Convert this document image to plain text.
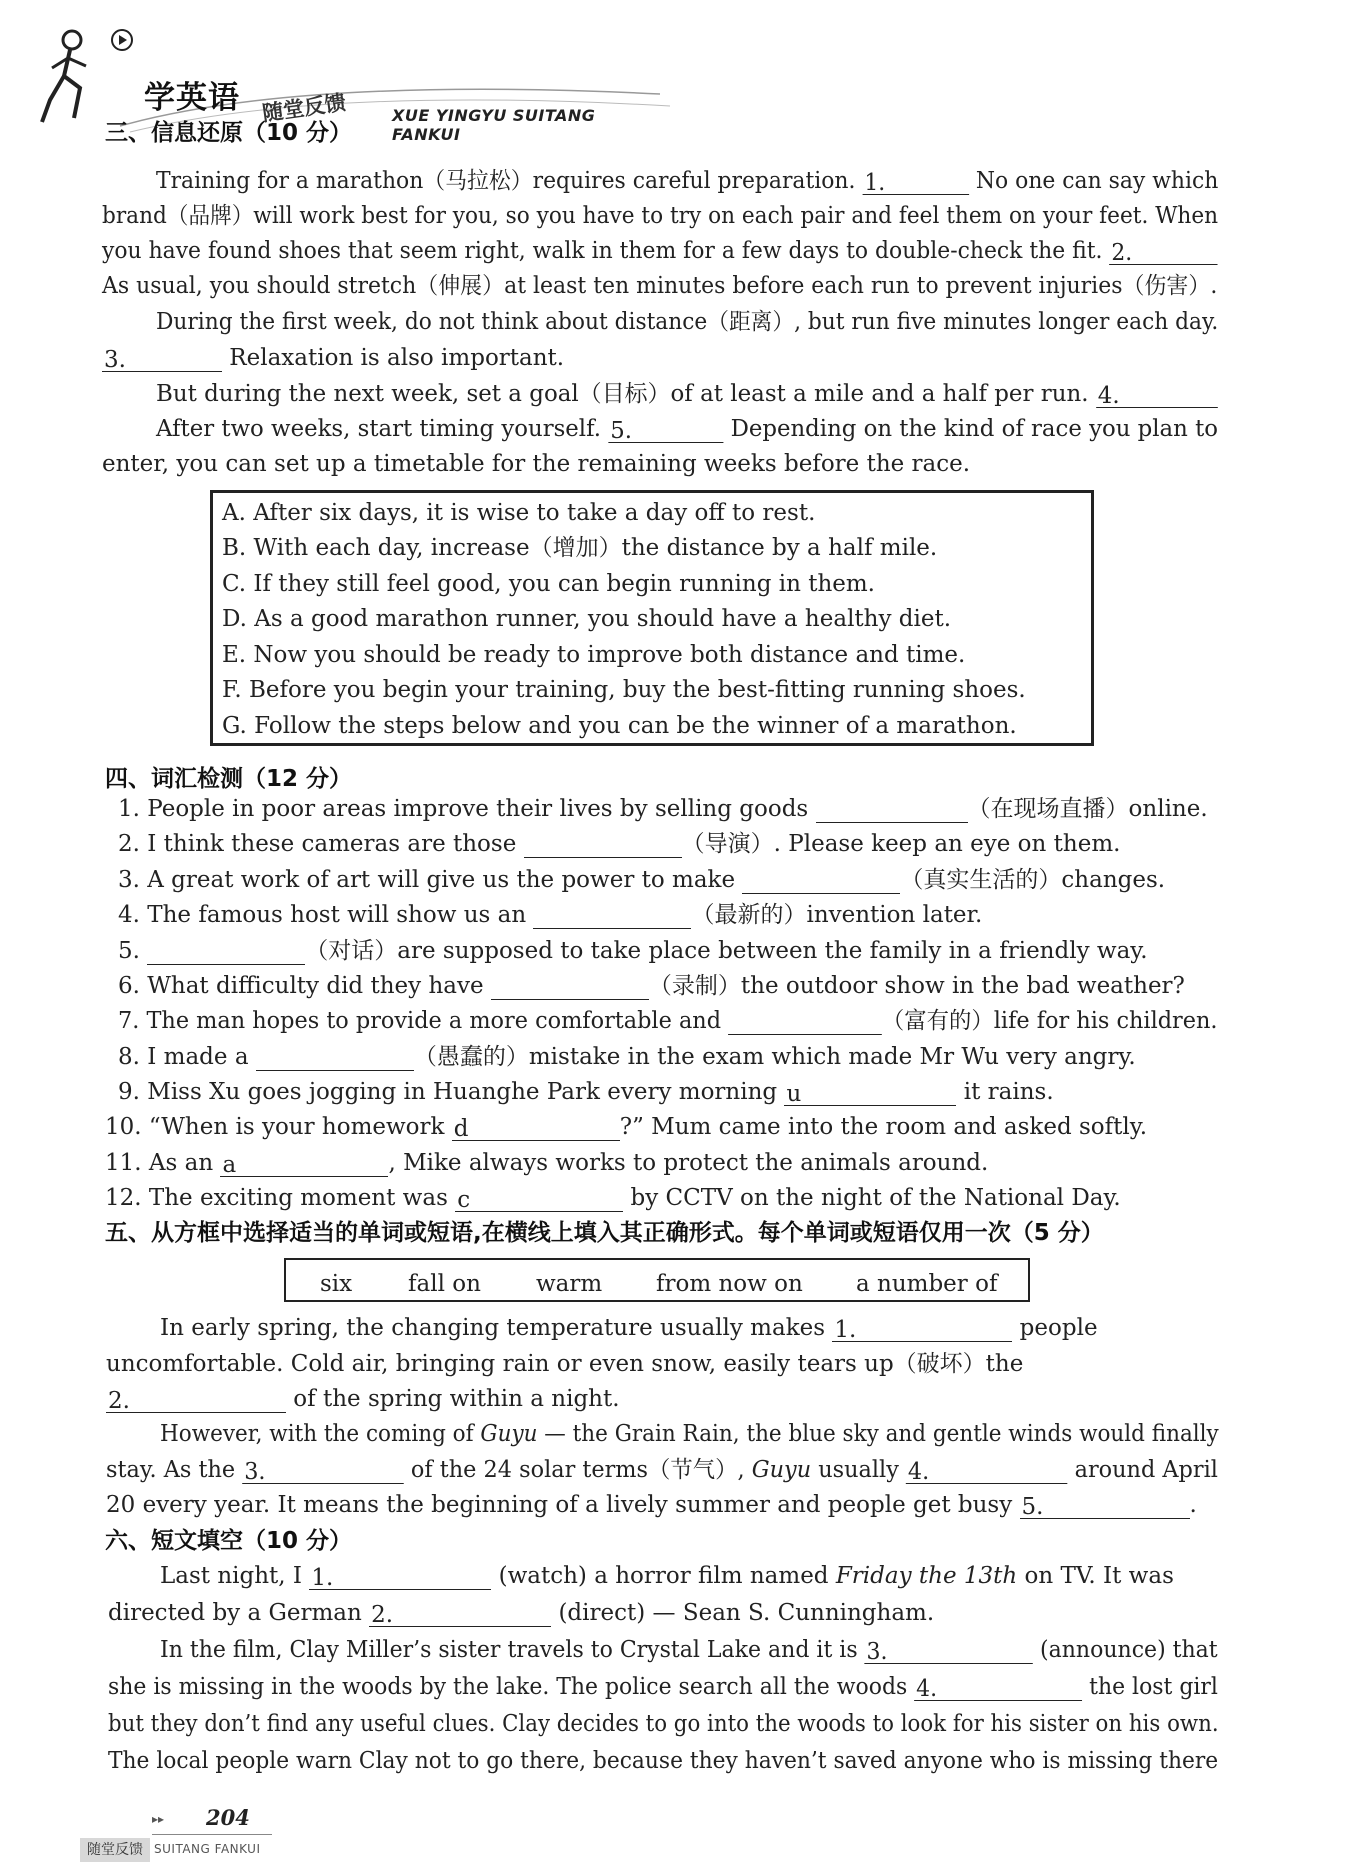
学英语 随堂反馈	XUE YINGYU SUITANG FANKUI
三、信息还原（10 分）
Training for a marathon（马拉松）requires careful preparation. 1.	No one can say which
brand（品牌）will work best for you, so you have to try on each pair and feel them on your feet. When
you have found shoes that seem right, walk in them for a few days to double-check the fit. 2.
As usual, you should stretch（伸展）at least ten minutes before each run to prevent injuries（伤害）.
During the first week, do not think about distance（距离）, but run five minutes longer each day.
3.	Relaxation is also important.
But during the next week, set a goal（目标）of at least a mile and a half per run. 4.
After two weeks, start timing yourself. 5.	Depending on the kind of race you plan to
enter, you can set up a timetable for the remaining weeks before the race.
A. After six days, it is wise to take a day off to rest.
B. With each day, increase（增加）the distance by a half mile.
C. If they still feel good, you can begin running in them.
D. As a good marathon runner, you should have a healthy diet.
E. Now you should be ready to improve both distance and time.
F. Before you begin your training, buy the best-fitting running shoes.
G. Follow the steps below and you can be the winner of a marathon.
四、词汇检测（12 分）
1. People in poor areas improve their lives by selling goods	（在现场直播）online.
2. I think these cameras are those	（导演）. Please keep an eye on them.
3. A great work of art will give us the power to make	（真实生活的）changes.
4. The famous host will show us an	（最新的）invention later.
5.	（对话）are supposed to take place between the family in a friendly way.
6. What difficulty did they have	（录制）the outdoor show in the bad weather?
7. The man hopes to provide a more comfortable and	（富有的）life for his children.
8. I made a	（愚蠢的）mistake in the exam which made Mr Wu very angry.
9. Miss Xu goes jogging in Huanghe Park every morning u	it rains.
10. “When is your homework d	?” Mum came into the room and asked softly.
11. As an a	, Mike always works to protect the animals around.
12. The exciting moment was c	by CCTV on the night of the National Day.
五、从方框中选择适当的单词或短语,在横线上填入其正确形式。每个单词或短语仅用一次（5 分）
six fall on warm from now on a number of
In early spring, the changing temperature usually makes 1.	people
uncomfortable. Cold air, bringing rain or even snow, easily tears up（破坏）the
2.	of the spring within a night.
However, with the coming of Guyu — the Grain Rain, the blue sky and gentle winds would finally
stay. As the 3.	of the 24 solar terms（节气）, Guyu usually 4.	around April
20 every year. It means the beginning of a lively summer and people get busy 5.	.
六、短文填空（10 分）
Last night, I 1.	(watch) a horror film named Friday the 13th on TV. It was
directed by a German 2.	(direct) — Sean S. Cunningham.
In the film, Clay Miller’s sister travels to Crystal Lake and it is 3.	(announce) that
she is missing in the woods by the lake. The police search all the woods 4.	the lost girl
but they don’t find any useful clues. Clay decides to go into the woods to look for his sister on his own.
The local people warn Clay not to go there, because they haven’t saved anyone who is missing there
▸▸ 204
随堂反馈 SUITANG FANKUI
